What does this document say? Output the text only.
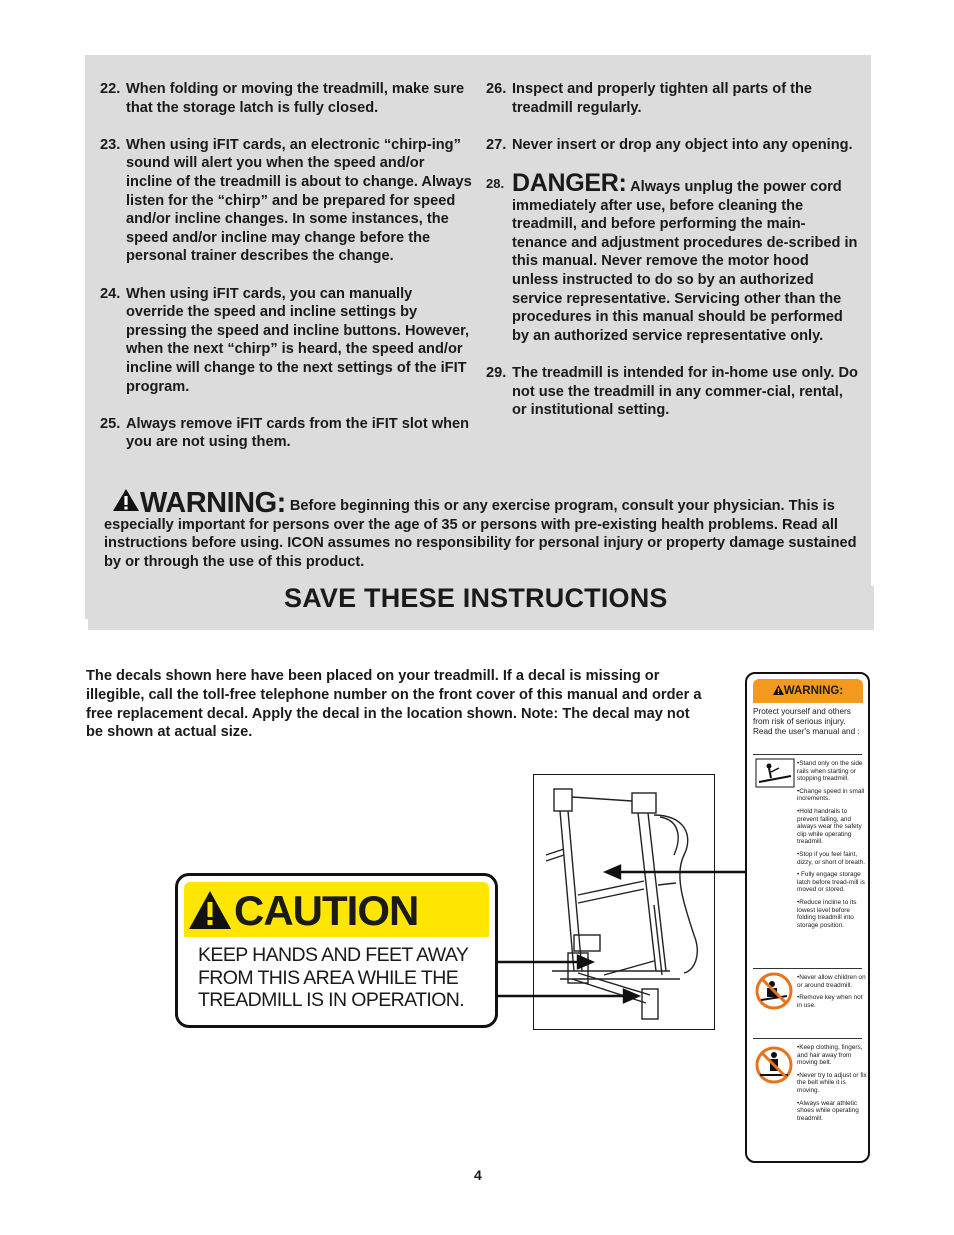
22. When folding or moving the treadmill, make sure that the storage latch is fully closed.
23. When using iFIT cards, an electronic “chirp-ing” sound will alert you when the speed and/or incline of the treadmill is about to change. Always listen for the “chirp” and be prepared for speed and/or incline changes. In some instances, the speed and/or incline may change before the personal trainer describes the change.
24. When using iFIT cards, you can manually override the speed and incline settings by pressing the speed and incline buttons. However, when the next “chirp” is heard, the speed and/or incline will change to the next settings of the iFIT program.
25. Always remove iFIT cards from the iFIT slot when you are not using them.
26. Inspect and properly tighten all parts of the treadmill regularly.
27. Never insert or drop any object into any opening.
28. DANGER: Always unplug the power cord immediately after use, before cleaning the treadmill, and before performing the main-tenance and adjustment procedures de-scribed in this manual. Never remove the motor hood unless instructed to do so by an authorized service representative. Servicing other than the procedures in this manual should be performed by an authorized service representative only.
29. The treadmill is intended for in-home use only. Do not use the treadmill in any commer-cial, rental, or institutional setting.
WARNING: Before beginning this or any exercise program, consult your physician. This is especially important for persons over the age of 35 or persons with pre-existing health problems. Read all instructions before using. ICON assumes no responsibility for personal injury or property damage sustained by or through the use of this product.
SAVE THESE INSTRUCTIONS
The decals shown here have been placed on your treadmill. If a decal is missing or illegible, call the toll-free telephone number on the front cover of this manual and order a free replacement decal. Apply the decal in the location shown. Note: The decal may not be shown at actual size.
CAUTION
KEEP HANDS AND FEET AWAY
FROM THIS AREA WHILE THE
TREADMILL IS IN OPERATION.
WARNING:
Protect yourself and others from risk of serious injury. Read the user's manual and :
•Stand only on the side rails when starting or stopping treadmill.
•Change speed in small increments.
•Hold handrails to prevent falling, and always wear the safety clip while operating treadmill.
•Stop if you feel faint, dizzy, or short of breath.
• Fully engage storage latch before tread-mill is moved or stored.
•Reduce incline to its lowest level before folding treadmill into storage position.
•Never allow children on or around treadmill.
•Remove key when not in use.
•Keep clothing, fingers, and hair away from moving belt.
•Never try to adjust or fix the belt while it is moving.
•Always wear athletic shoes while operating treadmill.
4
